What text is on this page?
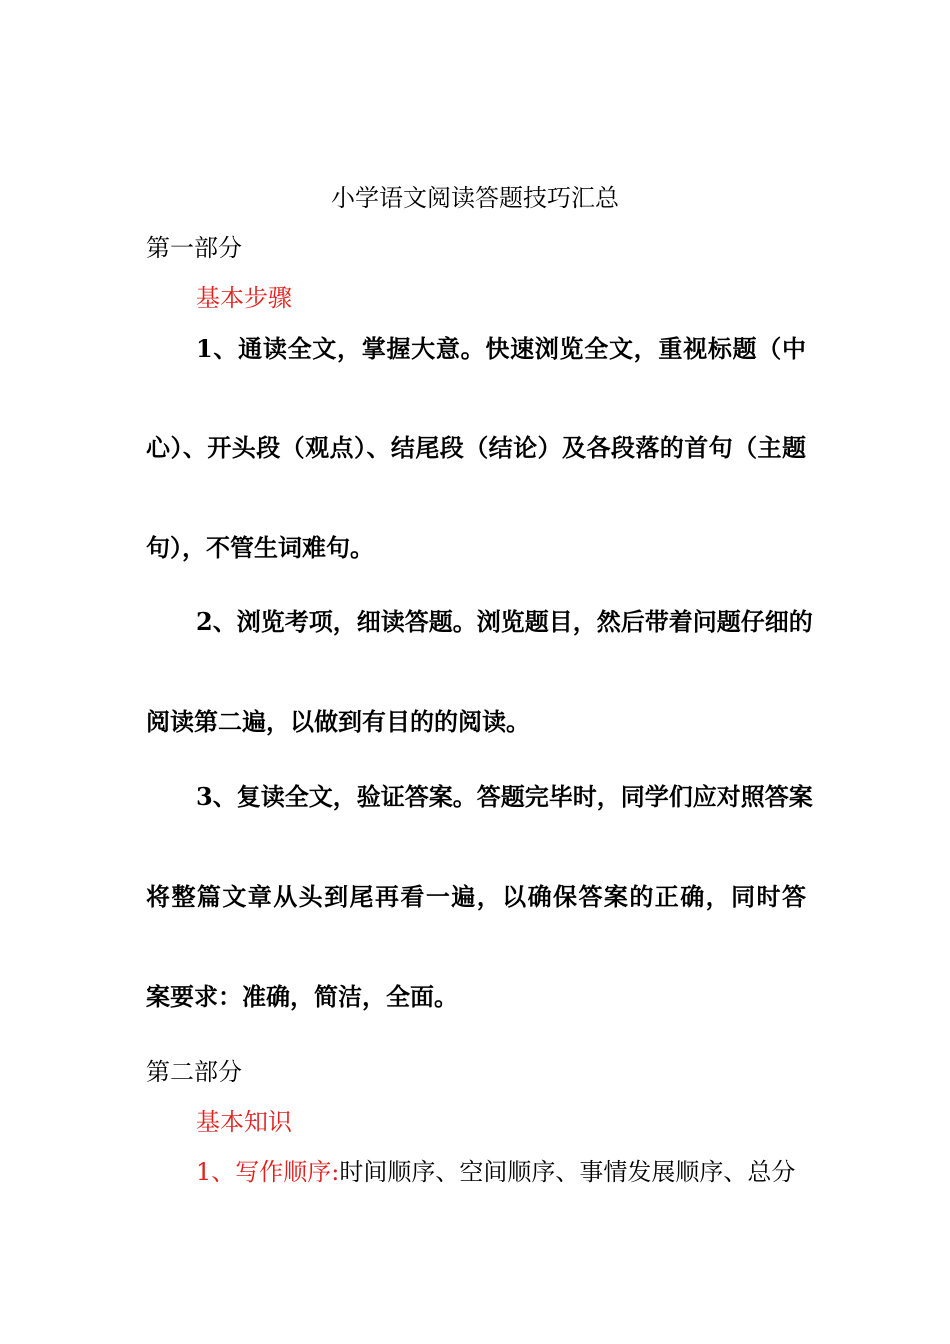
小学语文阅读答题技巧汇总

第一部分

基本步骤

1、通读全文，掌握大意。快速浏览全文，重视标题（中

心）、开头段（观点）、结尾段（结论）及各段落的首句（主题

句），不管生词难句。

2、浏览考项，细读答题。浏览题目，然后带着问题仔细的

阅读第二遍，以做到有目的的阅读。

3、复读全文，验证答案。答题完毕时，同学们应对照答案

将整篇文章从头到尾再看一遍，以确保答案的正确，同时答

案要求：准确，简洁，全面。

第二部分

基本知识

1、写作顺序:时间顺序、空间顺序、事情发展顺序、总分
